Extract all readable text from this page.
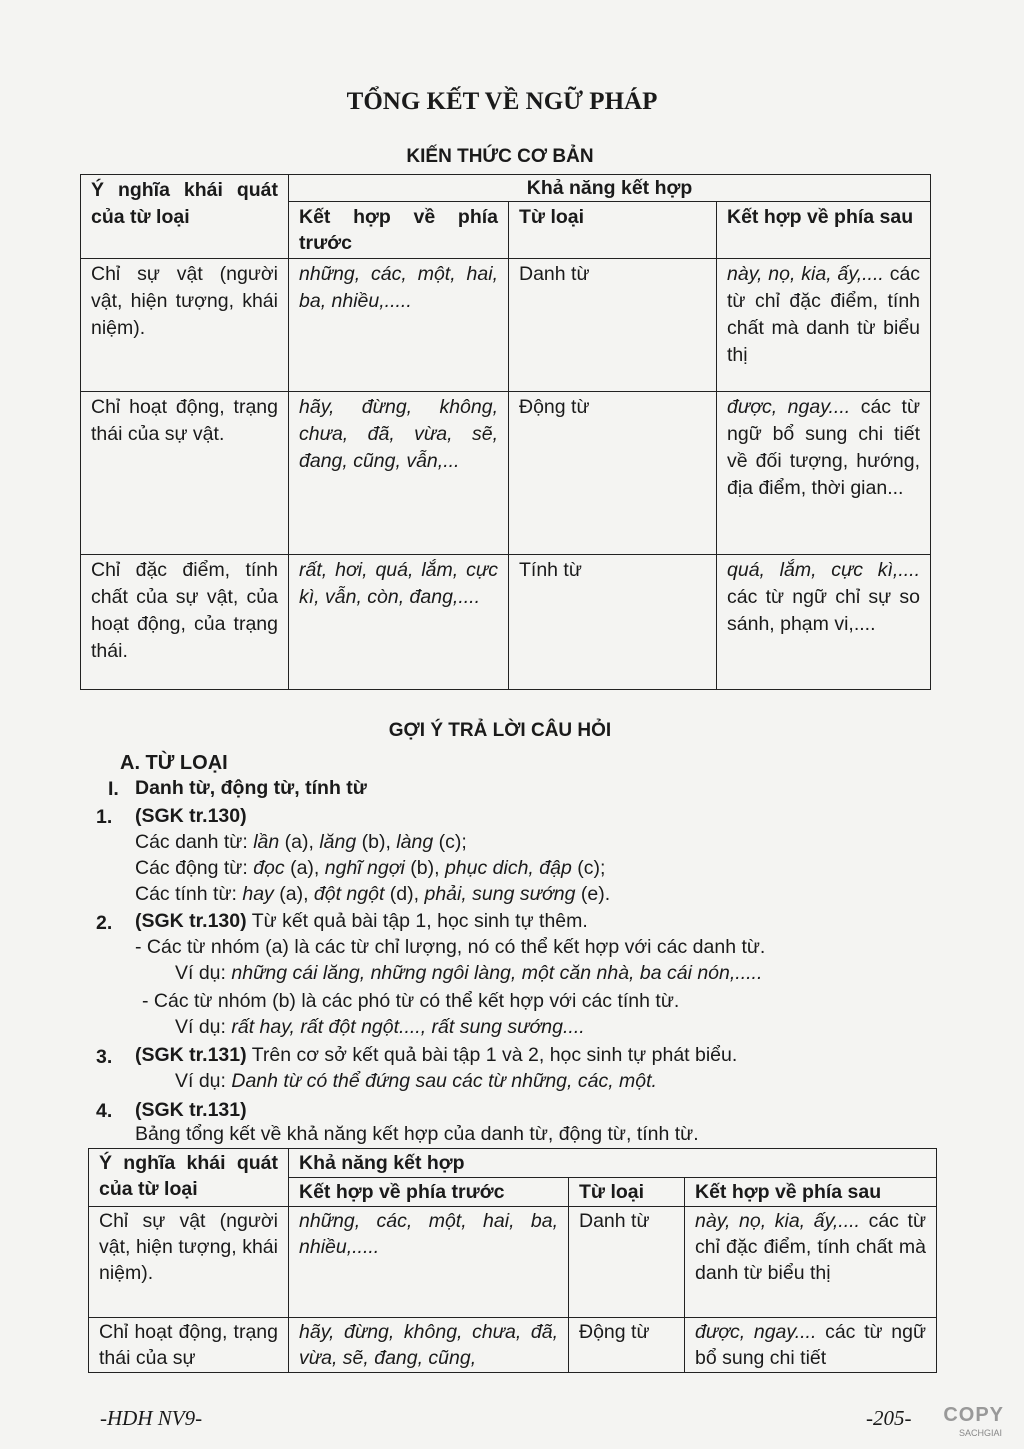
TỔNG KẾT VỀ NGỮ PHÁP
KIẾN THỨC CƠ BẢN
Ý nghĩa khái quát của từ loại	Khả năng kết hợp		
	Kết hợp về phía trước	Từ loại	Kết hợp về phía sau
Chỉ sự vật (người vật, hiện tượng, khái niệm).	những, các, một, hai, ba, nhiều,.....	Danh từ	này, nọ, kia, ấy,.... các từ chỉ đặc điểm, tính chất mà danh từ biểu thị
Chỉ hoạt động, trạng thái của sự vật.	hãy, đừng, không, chưa, đã, vừa, sẽ, đang, cũng, vẫn,...	Động từ	được, ngay.... các từ ngữ bổ sung chi tiết về đối tượng, hướng, địa điểm, thời gian...
Chỉ đặc điểm, tính chất của sự vật, của hoạt động, của trạng thái.	rất, hơi, quá, lắm, cực kì, vẫn, còn, đang,....	Tính từ	quá, lắm, cực kì,.... các từ ngữ chỉ sự so sánh, phạm vi,....
GỢI Ý TRẢ LỜI CÂU HỎI
A. TỪ LOẠI
I. Danh từ, động từ, tính từ
1. (SGK tr.130)
Các danh từ: lần (a), lăng (b), làng (c);
Các động từ: đọc (a), nghĩ ngợi (b), phục dich, đập (c);
Các tính từ: hay (a), đột ngột (d), phải, sung sướng (e).
2. (SGK tr.130) Từ kết quả bài tập 1, học sinh tự thêm.
- Các từ nhóm (a) là các từ chỉ lượng, nó có thể kết hợp với các danh từ.
Ví dụ: những cái lăng, những ngôi làng, một căn nhà, ba cái nón,.....
- Các từ nhóm (b) là các phó từ có thể kết hợp với các tính từ.
Ví dụ: rất hay, rất đột ngột...., rất sung sướng....
3. (SGK tr.131) Trên cơ sở kết quả bài tập 1 và 2, học sinh tự phát biểu.
Ví dụ: Danh từ có thể đứng sau các từ những, các, một.
4. (SGK tr.131)
Bảng tổng kết về khả năng kết hợp của danh từ, động từ, tính từ.
Ý nghĩa khái quát của từ loại	Khả năng kết hợp		
	Kết hợp về phía trước	Từ loại	Kết hợp về phía sau
Chỉ sự vật (người vật, hiện tượng, khái niệm).	những, các, một, hai, ba, nhiều,.....	Danh từ	này, nọ, kia, ấy,.... các từ chỉ đặc điểm, tính chất mà danh từ biểu thị
Chỉ hoạt động, trạng thái của sự	hãy, đừng, không, chưa, đã, vừa, sẽ, đang, cũng,	Động từ	được, ngay.... các từ ngữ bổ sung chi tiết
-HDH NV9-	-205- COPY
SACHGIAI
